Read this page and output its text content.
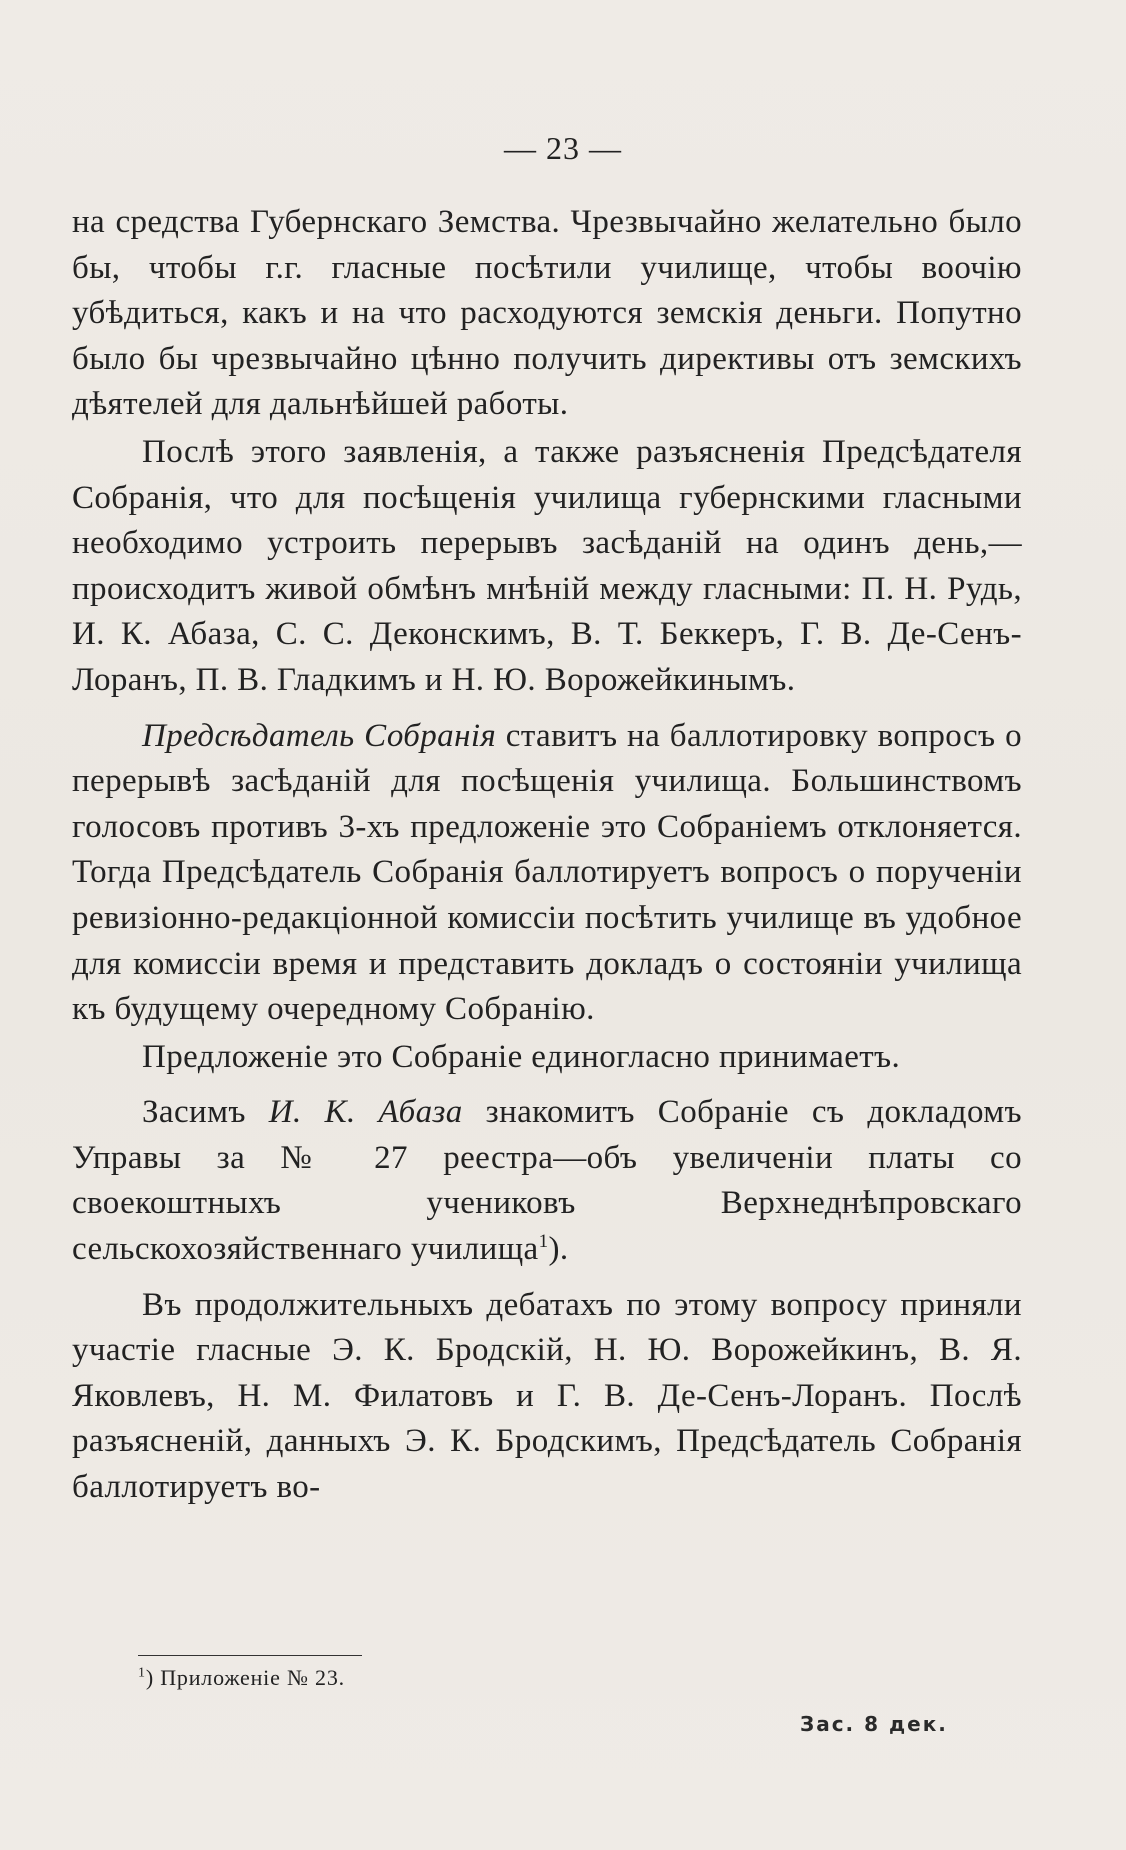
— 23 —

на средства Губернскаго Земства. Чрезвычайно желательно было бы, чтобы г.г. гласные посѣтили училище, чтобы воочію убѣдиться, какъ и на что расходуются земскія деньги. Попутно было бы чрезвычайно цѣнно получить директивы отъ земскихъ дѣятелей для дальнѣйшей работы.

Послѣ этого заявленія, а также разъясненія Предсѣдателя Собранія, что для посѣщенія училища губернскими гласными необходимо устроить перерывъ засѣданій на одинъ день,—происходитъ живой обмѣнъ мнѣній между гласными: П. Н. Рудь, И. К. Абаза, С. С. Деконскимъ, В. Т. Беккеръ, Г. В. Де-Сенъ-Лоранъ, П. В. Гладкимъ и Н. Ю. Ворожейкинымъ.

Предсѣдатель Собранія ставитъ на баллотировку вопросъ о перерывѣ засѣданій для посѣщенія училища. Большинствомъ голосовъ противъ 3-хъ предложеніе это Собраніемъ отклоняется. Тогда Предсѣдатель Собранія баллотируетъ вопросъ о порученіи ревизіонно-редакціонной комиссіи посѣтить училище въ удобное для комиссіи время и представить докладъ о состояніи училища къ будущему очередному Собранію.

Предложеніе это Собраніе единогласно принимаетъ.

Засимъ И. К. Абаза знакомитъ Собраніе съ докладомъ Управы за № 27 реестра—объ увеличеніи платы со своекоштныхъ учениковъ Верхнеднѣпровскаго сельскохозяйственнаго училища$^1$).

Въ продолжительныхъ дебатахъ по этому вопросу приняли участіе гласные Э. К. Бродскій, Н. Ю. Ворожейкинъ, В. Я. Яковлевъ, Н. М. Филатовъ и Г. В. Де-Сенъ-Лоранъ. Послѣ разъясненій, данныхъ Э. К. Бродскимъ, Предсѣдатель Собранія баллотируетъ во-

$^1$) Приложеніе № 23.
Зас. 8 дек.
